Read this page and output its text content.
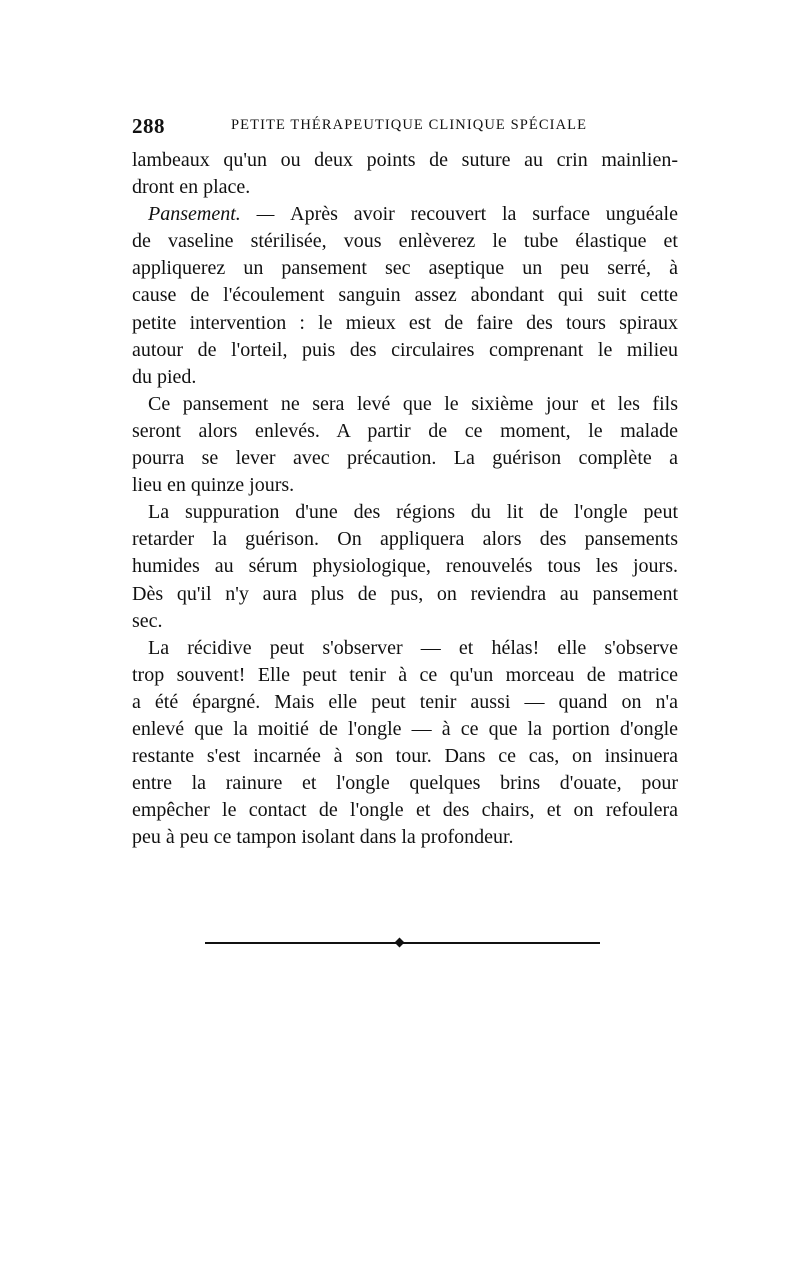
288	PETITE THÉRAPEUTIQUE CLINIQUE SPÉCIALE
lambeaux qu'un ou deux points de suture au crin mainlien-
dront en place.
Pansement. — Après avoir recouvert la surface unguéale
de vaseline stérilisée, vous enlèverez le tube élastique et
appliquerez un pansement sec aseptique un peu serré, à
cause de l'écoulement sanguin assez abondant qui suit cette
petite intervention : le mieux est de faire des tours spiraux
autour de l'orteil, puis des circulaires comprenant le milieu
du pied.
Ce pansement ne sera levé que le sixième jour et les fils
seront alors enlevés. A partir de ce moment, le malade
pourra se lever avec précaution. La guérison complète a
lieu en quinze jours.
La suppuration d'une des régions du lit de l'ongle peut
retarder la guérison. On appliquera alors des pansements
humides au sérum physiologique, renouvelés tous les jours.
Dès qu'il n'y aura plus de pus, on reviendra au pansement
sec.
La récidive peut s'observer — et hélas! elle s'observe
trop souvent! Elle peut tenir à ce qu'un morceau de matrice
a été épargné. Mais elle peut tenir aussi — quand on n'a
enlevé que la moitié de l'ongle — à ce que la portion d'ongle
restante s'est incarnée à son tour. Dans ce cas, on insinuera
entre la rainure et l'ongle quelques brins d'ouate, pour
empêcher le contact de l'ongle et des chairs, et on refoulera
peu à peu ce tampon isolant dans la profondeur.
